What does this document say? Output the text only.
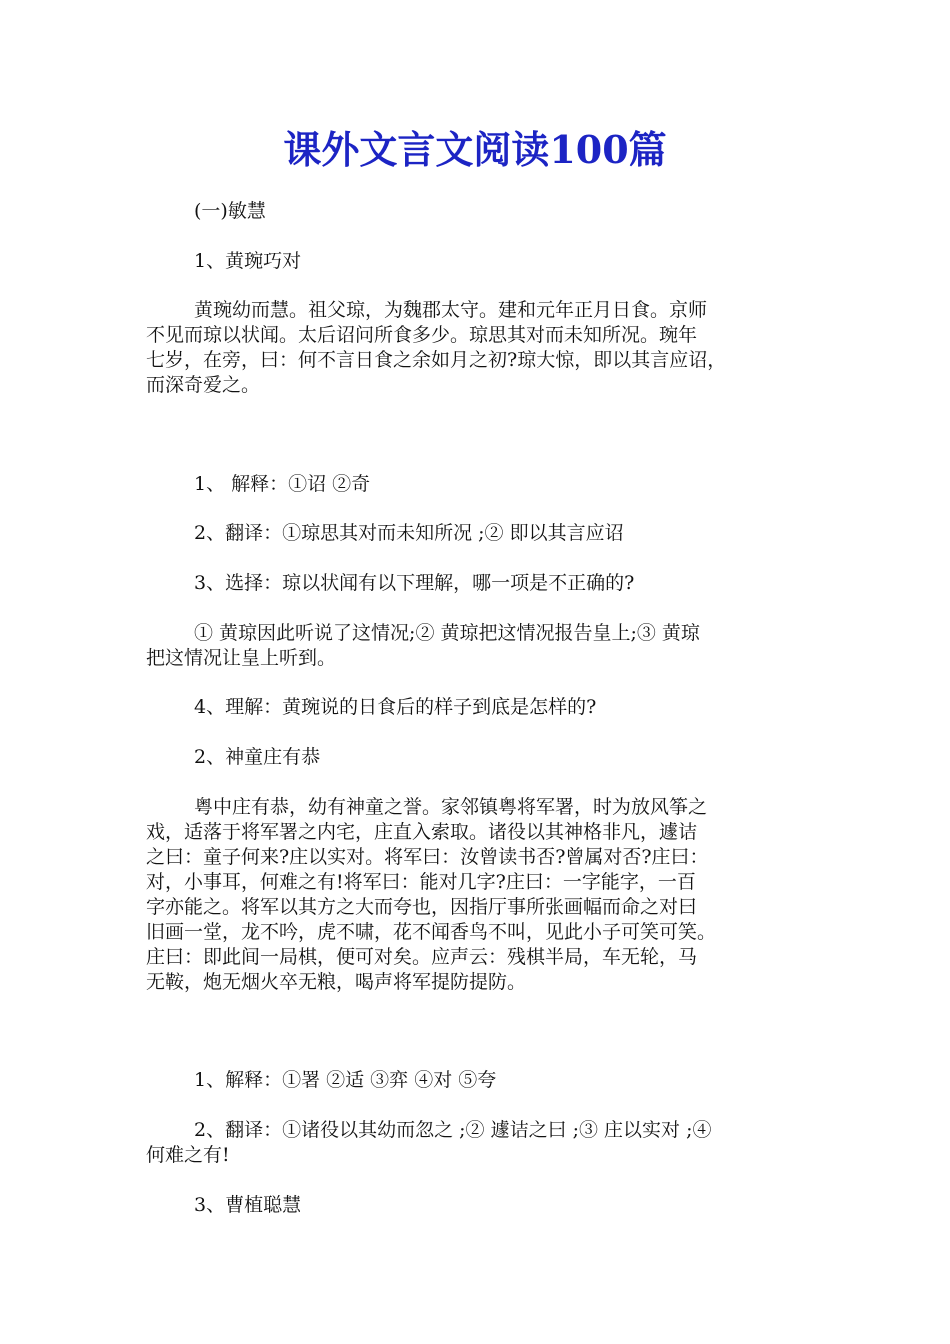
课外文言文阅读100篇

(一)敏慧

1、黄琬巧对

黄琬幼而慧。祖父琼，为魏郡太守。建和元年正月日食。京师
不见而琼以状闻。太后诏问所食多少。琼思其对而未知所况。琬年
七岁，在旁，曰：何不言日食之余如月之初?琼大惊，即以其言应诏，
而深奇爱之。

1、 解释：①诏 ②奇

2、翻译：①琼思其对而未知所况 ;② 即以其言应诏

3、选择：琼以状闻有以下理解，哪一项是不正确的?

① 黄琼因此听说了这情况;② 黄琼把这情况报告皇上;③ 黄琼
把这情况让皇上听到。

4、理解：黄琬说的日食后的样子到底是怎样的?

2、神童庄有恭

粤中庄有恭，幼有神童之誉。家邻镇粤将军署，时为放风筝之
戏，适落于将军署之内宅，庄直入索取。诸役以其神格非凡，遽诘
之曰：童子何来?庄以实对。将军曰：汝曾读书否?曾属对否?庄曰：
对，小事耳，何难之有!将军曰：能对几字?庄曰：一字能字，一百
字亦能之。将军以其方之大而夸也，因指厅事所张画幅而命之对曰
旧画一堂，龙不吟，虎不啸，花不闻香鸟不叫，见此小子可笑可笑。
庄曰：即此间一局棋，便可对矣。应声云：残棋半局，车无轮，马
无鞍，炮无烟火卒无粮，喝声将军提防提防。

1、解释：①署 ②适 ③弈 ④对 ⑤夸

2、翻译：①诸役以其幼而忽之 ;② 遽诘之曰 ;③ 庄以实对 ;④
何难之有!

3、曹植聪慧
